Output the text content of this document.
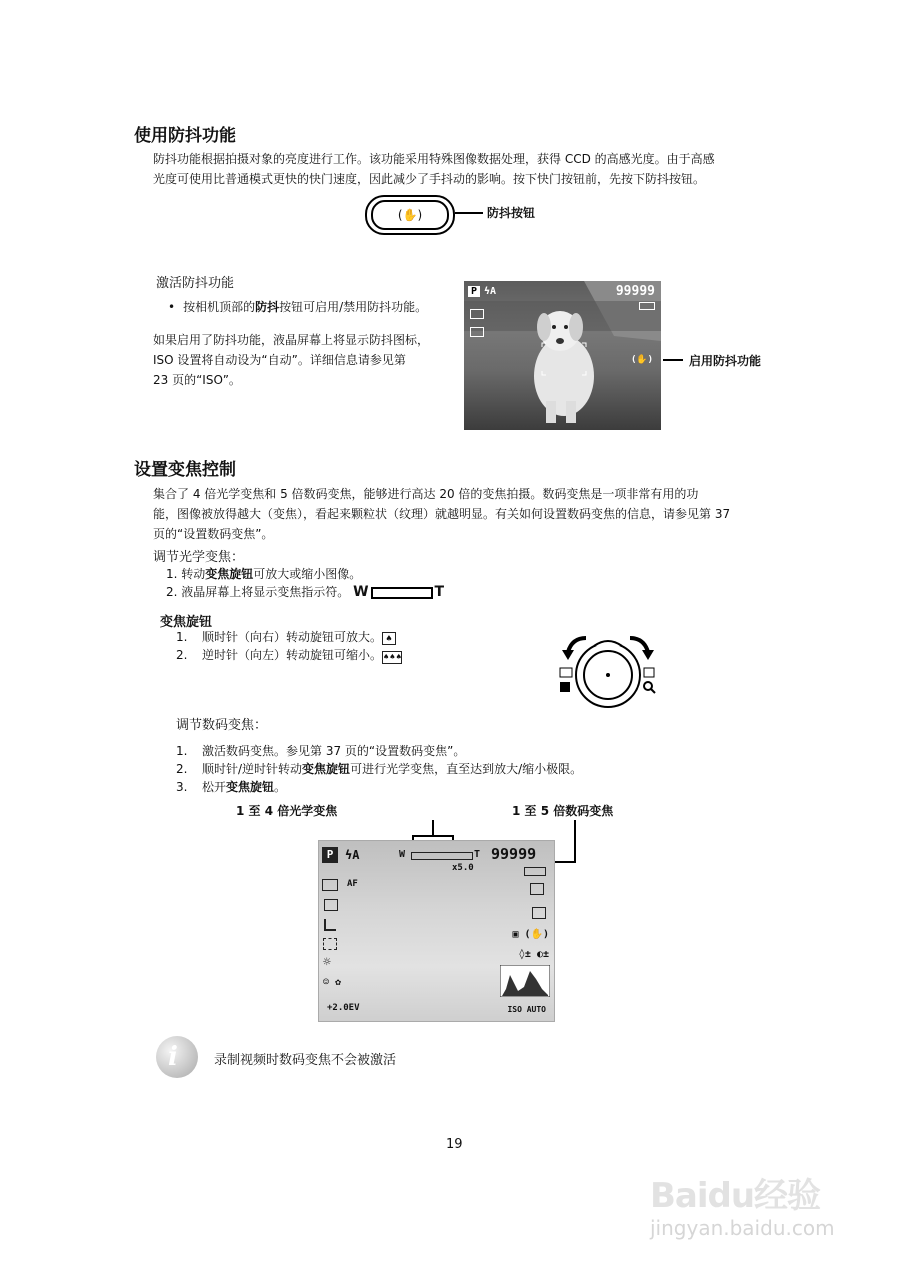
使用防抖功能
防抖功能根据拍摄对象的亮度进行工作。该功能采用特殊图像数据处理，获得 CCD 的高感光度。由于高感
光度可使用比普通模式更快的快门速度，因此减少了手抖动的影响。按下快门按钮前，先按下防抖按钮。
(✋)	防抖按钮
激活防抖功能
• 按相机顶部的防抖按钮可启用/禁用防抖功能。
如果启用了防抖功能，液晶屏幕上将显示防抖图标，
ISO 设置将自动设为“自动”。详细信息请参见第
23 页的“ISO”。
P ϟA	99999
(✋)	启用防抖功能
设置变焦控制
集合了 4 倍光学变焦和 5 倍数码变焦，能够进行高达 20 倍的变焦拍摄。数码变焦是一项非常有用的功
能，图像被放得越大（变焦），看起来颗粒状（纹理）就越明显。有关如何设置数码变焦的信息，请参见第 37
页的“设置数码变焦”。
调节光学变焦：
1. 转动变焦旋钮可放大或缩小图像。
2. 液晶屏幕上将显示变焦指示符。 W	T
变焦旋钮
1. 顺时针（向右）转动旋钮可放大。 ♠
2. 逆时针（向左）转动旋钮可缩小。♠♠♠
调节数码变焦：
1. 激活数码变焦。参见第 37 页的“设置数码变焦”。
2. 顺时针/逆时针转动变焦旋钮可进行光学变焦，直至达到放大/缩小极限。
3. 松开变焦旋钮。
1 至 4 倍光学变焦	1 至 5 倍数码变焦
P ϟA	W	T 99999
x5.0
AF
☼
☺ ✿
+2.0EV
▣ (✋)
◊± ◐±
ISO AUTO
i	录制视频时数码变焦不会被激活
19
Baidu经验
jingyan.baidu.com
